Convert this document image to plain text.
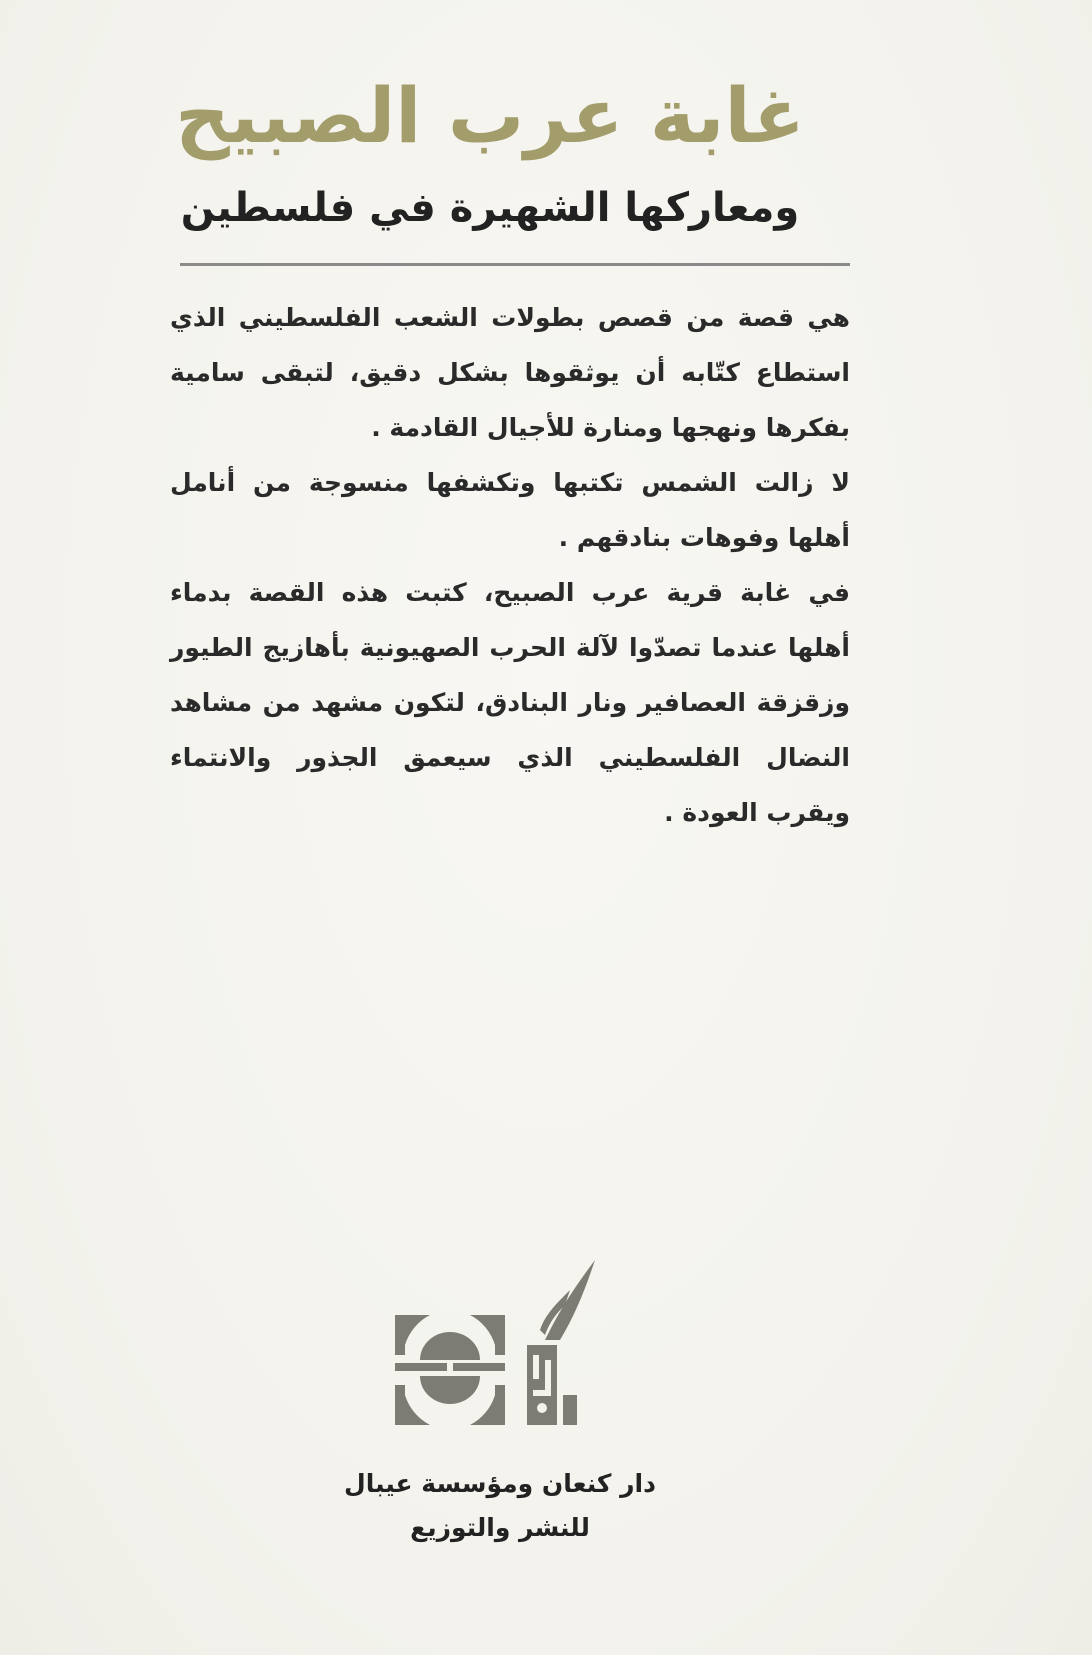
غابة عرب الصبيح
ومعاركها الشهيرة في فلسطين

هي قصة من قصص بطولات الشعب الفلسطيني الذي استطاع كتّابه أن يوثقوها بشكل دقيق، لتبقى سامية بفكرها ونهجها ومنارة للأجيال القادمة .

لا زالت الشمس تكتبها وتكشفها منسوجة من أنامل أهلها وفوهات بنادقهم .

في غابة قرية عرب الصبيح، كتبت هذه القصة بدماء أهلها عندما تصدّوا لآلة الحرب الصهيونية بأهازيج الطيور وزقزقة العصافير ونار البنادق، لتكون مشهد من مشاهد النضال الفلسطيني الذي سيعمق الجذور والانتماء ويقرب العودة .

دار كنعان ومؤسسة عيبال
للنشر والتوزيع
